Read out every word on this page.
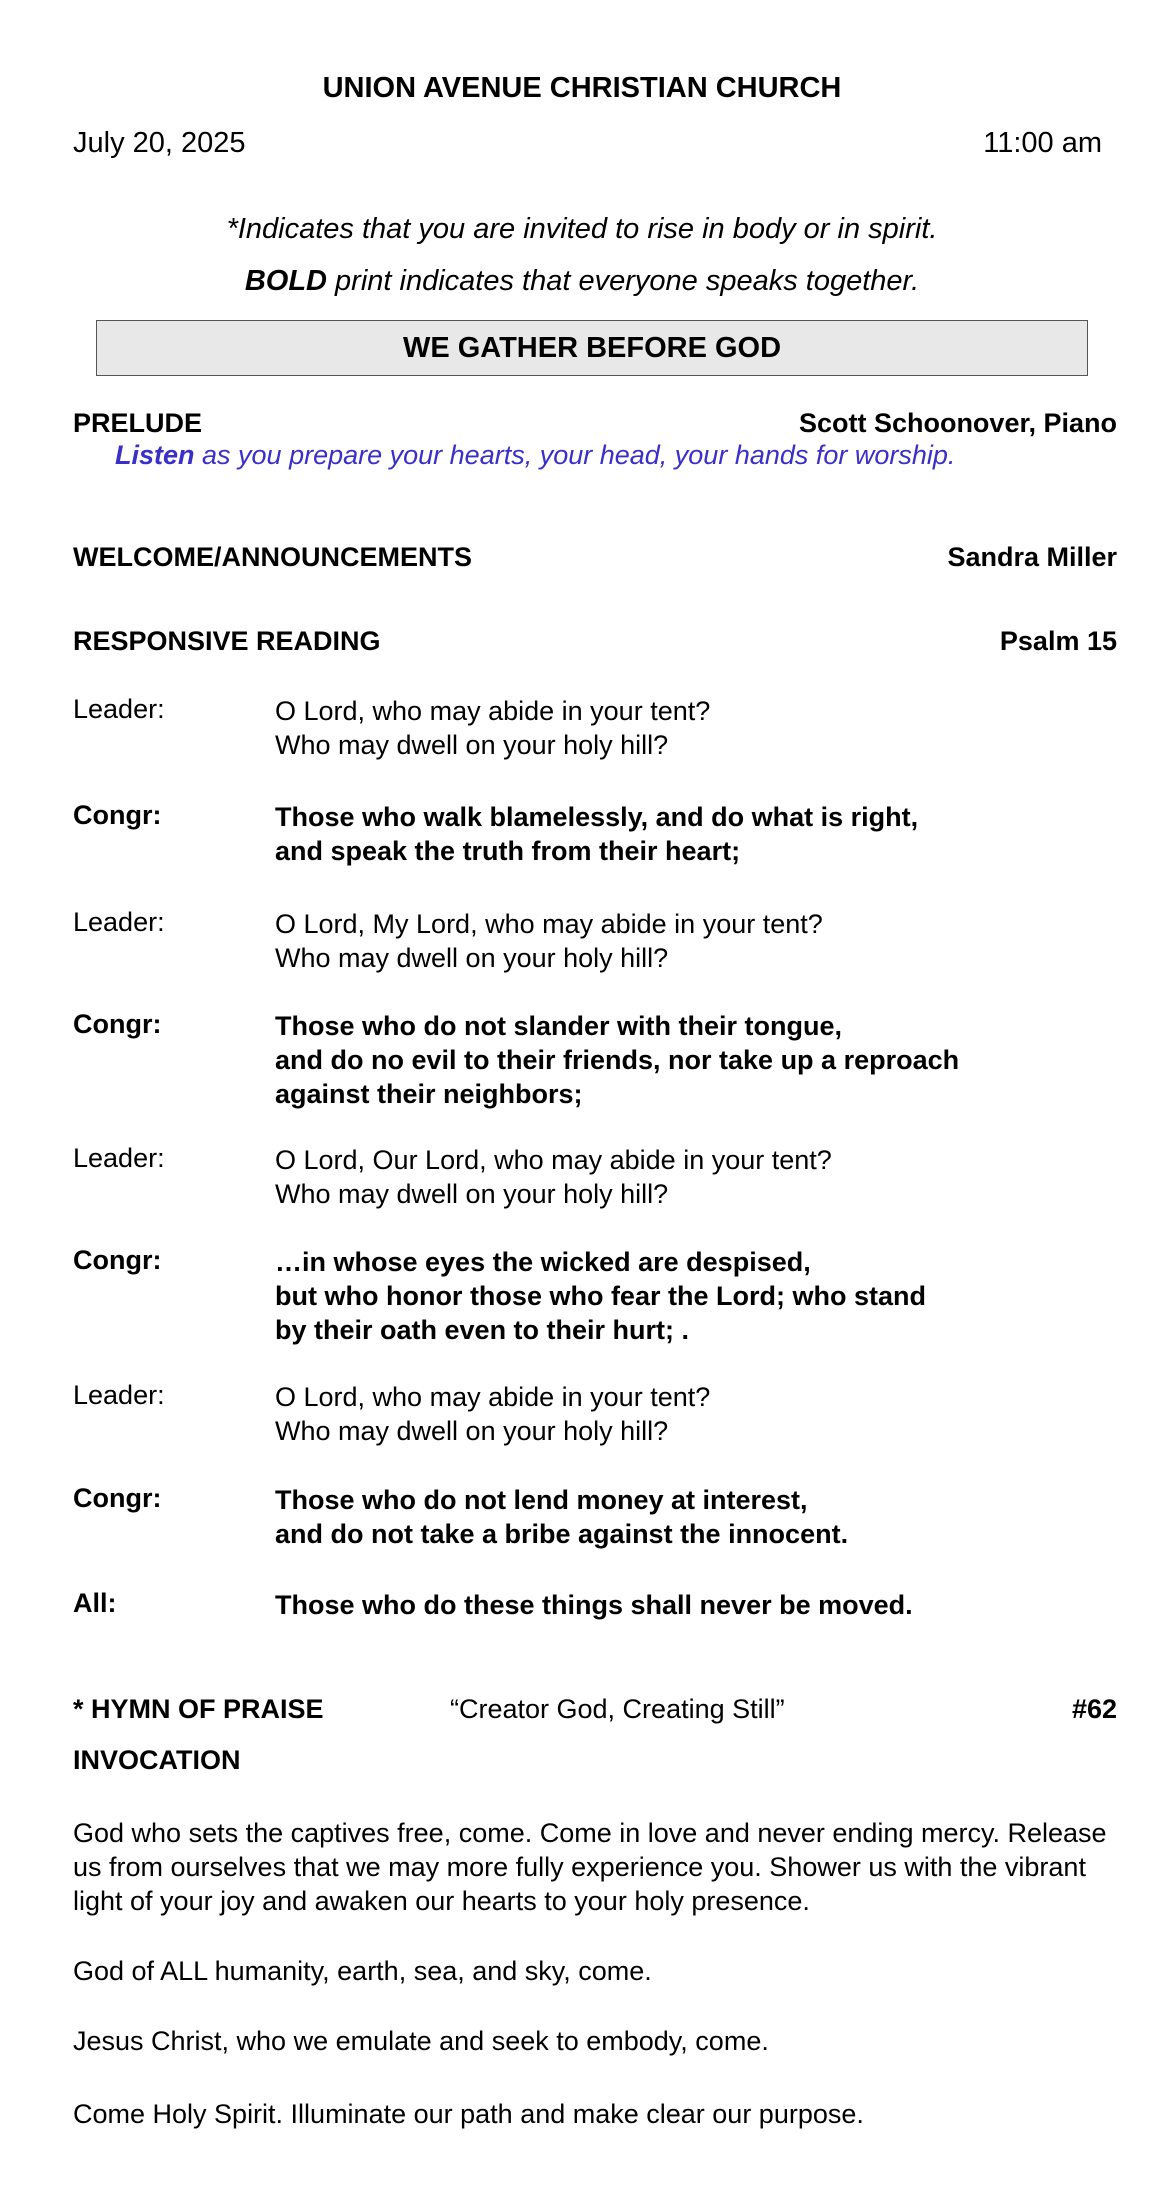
UNION AVENUE CHRISTIAN CHURCH
July 20, 2025	11:00 am
*Indicates that you are invited to rise in body or in spirit.
BOLD print indicates that everyone speaks together.
WE GATHER BEFORE GOD
PRELUDE	Scott Schoonover, Piano
Listen as you prepare your hearts, your head, your hands for worship.
WELCOME/ANNOUNCEMENTS	Sandra Miller
RESPONSIVE READING	Psalm 15
Leader:	O Lord, who may abide in your tent?
Who may dwell on your holy hill?
Congr:	Those who walk blamelessly, and do what is right,
and speak the truth from their heart;
Leader:	O Lord, My Lord, who may abide in your tent?
Who may dwell on your holy hill?
Congr:	Those who do not slander with their tongue,
and do no evil to their friends, nor take up a reproach
against their neighbors;
Leader:	O Lord, Our Lord, who may abide in your tent?
Who may dwell on your holy hill?
Congr:	…in whose eyes the wicked are despised,
but who honor those who fear the Lord; who stand
by their oath even to their hurt; .
Leader:	O Lord, who may abide in your tent?
Who may dwell on your holy hill?
Congr:	Those who do not lend money at interest,
and do not take a bribe against the innocent.
All:	Those who do these things shall never be moved.
* HYMN OF PRAISE	“Creator God, Creating Still”	#62
INVOCATION
God who sets the captives free, come. Come in love and never ending mercy. Release us from ourselves that we may more fully experience you. Shower us with the vibrant light of your joy and awaken our hearts to your holy presence.
God of ALL humanity, earth, sea, and sky, come.
Jesus Christ, who we emulate and seek to embody, come.
Come Holy Spirit. Illuminate our path and make clear our purpose.
